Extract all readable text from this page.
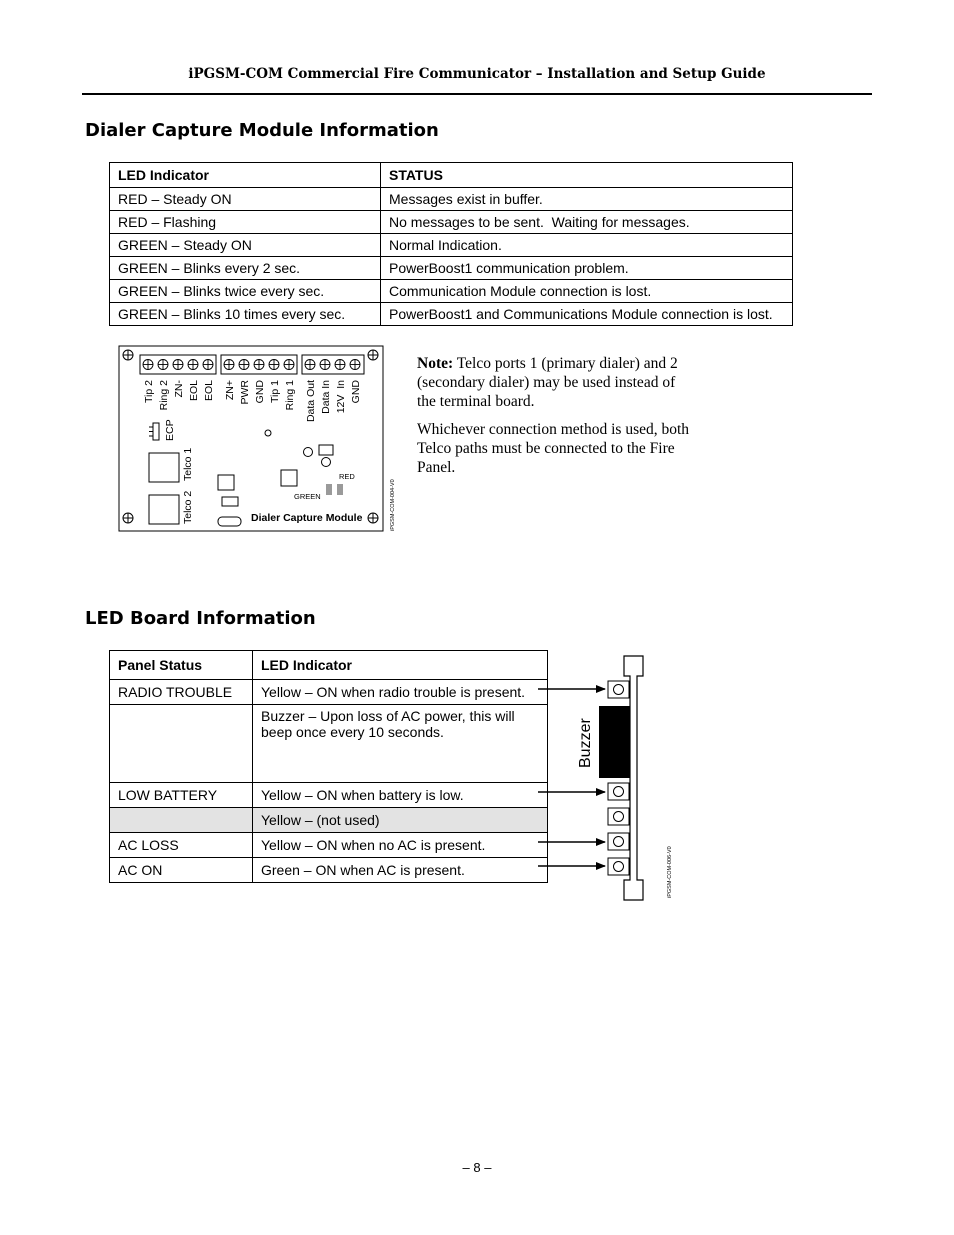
iPGSM-COM Commercial Fire Communicator – Installation and Setup Guide
Dialer Capture Module Information
LED Indicator	STATUS
RED – Steady ON	Messages exist in buffer.
RED – Flashing	No messages to be sent.  Waiting for messages.
GREEN – Steady ON	Normal Indication.
GREEN – Blinks every 2 sec.	PowerBoost1 communication problem.
GREEN – Blinks twice every sec.	Communication Module connection is lost.
GREEN – Blinks 10 times every sec.	PowerBoost1 and Communications Module connection is lost.
Tip 2 Ring 2 ZN- EOL EOL ZN+ PWR GND Tip 1 Ring 1 Data Out Data In 12V  In GND
ECP
Telco 1
Telco 2
RED
GREEN
Dialer Capture Module	iPGSM-COM-004-V0
Note: Telco ports 1 (primary dialer) and 2 (secondary dialer) may be used instead of the terminal board.
Whichever connection method is used, both Telco paths must be connected to the Fire Panel.
LED Board Information
Panel Status	LED Indicator
RADIO TROUBLE	Yellow – ON when radio trouble is present.
	Buzzer – Upon loss of AC power, this will beep once every 10 seconds.
LOW BATTERY	Yellow – ON when battery is low.
	Yellow – (not used)
AC LOSS	Yellow – ON when no AC is present.
AC ON	Green – ON when AC is present.
Buzzer
iPGSM-COM-006-V0
– 8 –
